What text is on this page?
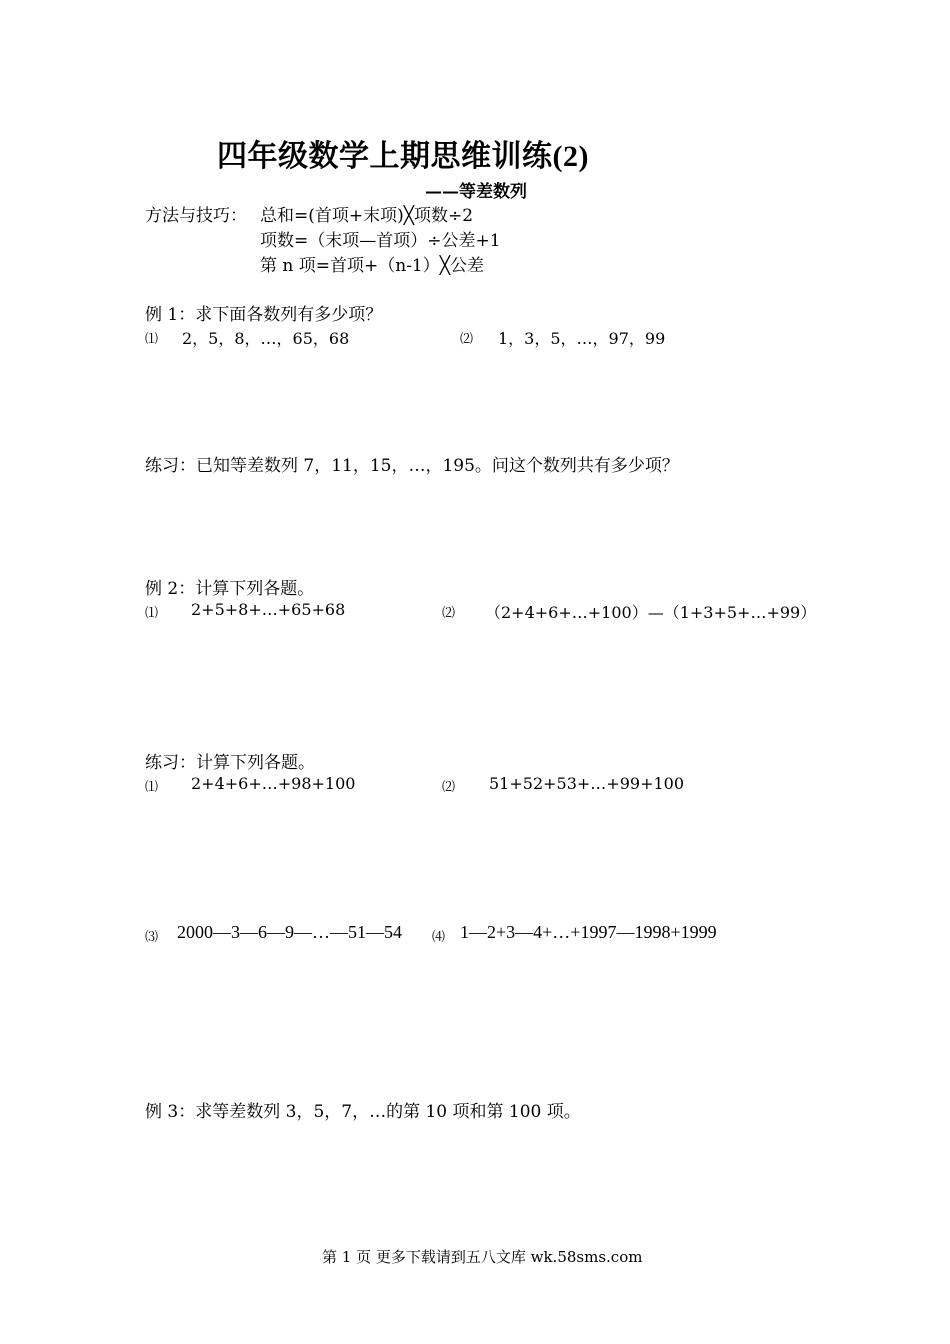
四年级数学上期思维训练(2)
——等差数列
方法与技巧： 总和=(首项+末项)╳项数÷2
项数=（末项—首项）÷公差+1
第 n 项=首项+（n-1）╳公差
例 1：求下面各数列有多少项？
⑴ 2，5，8，…，65，68	⑵ 1，3，5，…，97，99
练习：已知等差数列 7，11，15，…，195。问这个数列共有多少项？
例 2：计算下列各题。
⑴ 2+5+8+…+65+68	⑵ （2+4+6+…+100）—（1+3+5+…+99）
练习：计算下列各题。
⑴ 2+4+6+…+98+100	⑵ 51+52+53+…+99+100
⑶ 2000—3—6—9—…—51—54 ⑷ 1—2+3—4+…+1997—1998+1999
例 3：求等差数列 3，5，7，…的第 10 项和第 100 项。
第 1 页 更多下载请到五八文库 wk.58sms.com
